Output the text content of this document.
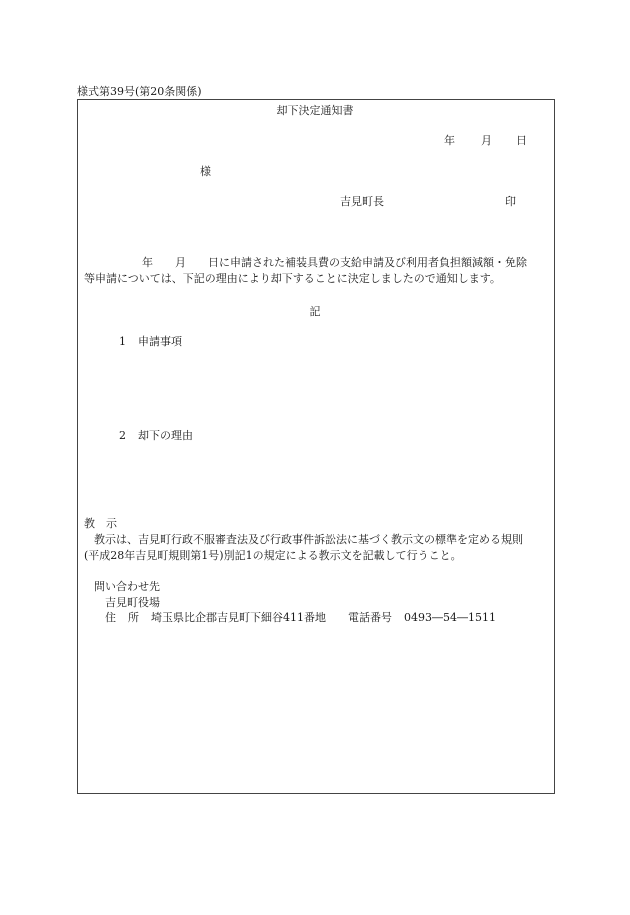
様式第39号(第20条関係)
却下決定通知書
年 月 日
様
吉見町長	印
年 月 日に申請された補装具費の支給申請及び利用者負担額減額・免除
等申請については、下記の理由により却下することに決定しましたので通知します。
記
1 申請事項
2 却下の理由
教 示
教示は、吉見町行政不服審査法及び行政事件訴訟法に基づく教示文の標準を定める規則
(平成28年吉見町規則第1号)別記1の規定による教示文を記載して行うこと。
問い合わせ先
吉見町役場
住 所 埼玉県比企郡吉見町下細谷411番地 電話番号 0493―54―1511
